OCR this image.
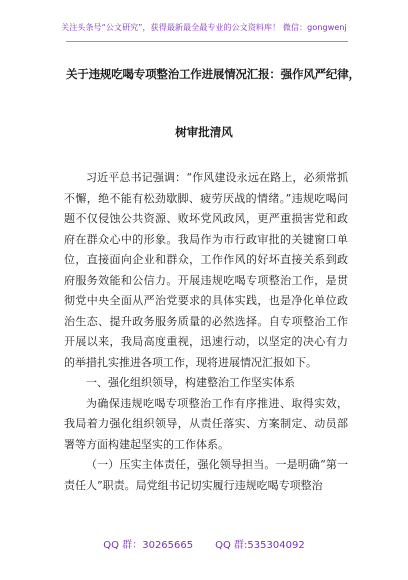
关注头条号“公文研究”，获得最新最全最专业的公文资料库！ 微信：gongwenj
关于违规吃喝专项整治工作进展情况汇报：强作风严纪律，
树审批清风

习近平总书记强调：“作风建设永远在路上，必须常抓不懈，绝不能有松劲歇脚、疲劳厌战的情绪。”违规吃喝问题不仅侵蚀公共资源、败坏党风政风，更严重损害党和政府在群众心中的形象。我局作为市行政审批的关键窗口单位，直接面向企业和群众，工作作风的好坏直接关系到政府服务效能和公信力。开展违规吃喝专项整治工作，是贯彻党中央全面从严治党要求的具体实践，也是净化单位政治生态、提升政务服务质量的必然选择。自专项整治工作开展以来，我局高度重视，迅速行动，以坚定的决心有力的举措扎实推进各项工作，现将进展情况汇报如下。

一、强化组织领导，构建整治工作坚实体系

为确保违规吃喝专项整治工作有序推进、取得实效，我局着力强化组织领导，从责任落实、方案制定、动员部署等方面构建起坚实的工作体系。

（一）压实主体责任，强化领导担当。一是明确“第一责任人”职责。局党组书记切实履行违规吃喝专项整治

QQ 群：30265665 QQ 群:535304092
